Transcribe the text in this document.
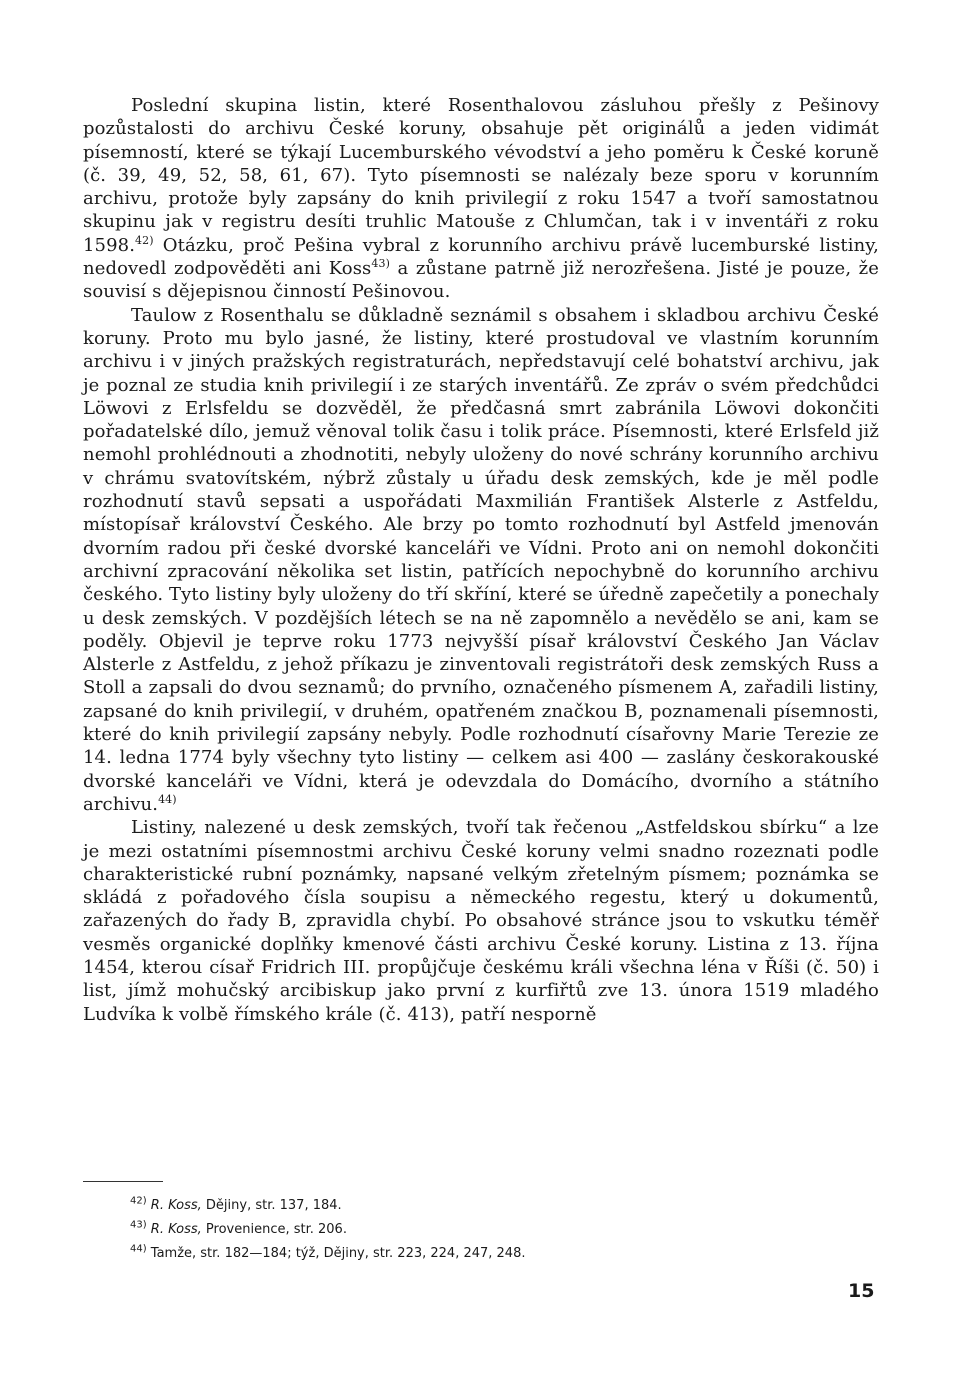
Poslední skupina listin, které Rosenthalovou zásluhou přešly z Pešinovy pozůstalosti do archivu České koruny, obsahuje pět originálů a jeden vidimát písemností, které se týkají Lucemburského vévodství a jeho poměru k České koruně (č. 39, 49, 52, 58, 61, 67). Tyto písemnosti se nalézaly beze sporu v korunním archivu, protože byly zapsány do knih privilegií z roku 1547 a tvoří samostatnou skupinu jak v registru desíti truhlic Matouše z Chlumčan, tak i v inventáři z roku 1598.$^{42)}$ Otázku, proč Pešina vybral z korunního archivu právě lucemburské listiny, nedovedl zodpověděti ani Koss$^{43)}$ a zůstane patrně již nerozřešena. Jisté je pouze, že souvisí s dějepisnou činností Pešinovou.

Taulow z Rosenthalu se důkladně seznámil s obsahem i skladbou archivu České koruny. Proto mu bylo jasné, že listiny, které prostudoval ve vlastním korunním archivu i v jiných pražských registraturách, nepředstavují celé bohatství archivu, jak je poznal ze studia knih privilegií i ze starých inventářů. Ze zpráv o svém předchůdci Löwovi z Erlsfeldu se dozvěděl, že předčasná smrt zabránila Löwovi dokončiti pořadatelské dílo, jemuž věnoval tolik času i tolik práce. Písemnosti, které Erlsfeld již nemohl prohlédnouti a zhodnotiti, nebyly uloženy do nové schrány korunního archivu v chrámu svatovítském, nýbrž zůstaly u úřadu desk zemských, kde je měl podle rozhodnutí stavů sepsati a uspořádati Maxmilián František Alsterle z Astfeldu, místopísař království Českého. Ale brzy po tomto rozhodnutí byl Astfeld jmenován dvorním radou při české dvorské kanceláři ve Vídni. Proto ani on nemohl dokončiti archivní zpracování několika set listin, patřících nepochybně do korunního archivu českého. Tyto listiny byly uloženy do tří skříní, které se úředně zapečetily a ponechaly u desk zemských. V pozdějších létech se na ně zapomnělo a nevědělo se ani, kam se poděly. Objevil je teprve roku 1773 nejvyšší písař království Českého Jan Václav Alsterle z Astfeldu, z jehož příkazu je zinventovali registrátoři desk zemských Russ a Stoll a zapsali do dvou seznamů; do prvního, označeného písmenem A, zařadili listiny, zapsané do knih privilegií, v druhém, opatřeném značkou B, poznamenali písemnosti, které do knih privilegií zapsány nebyly. Podle rozhodnutí císařovny Marie Terezie ze 14. ledna 1774 byly všechny tyto listiny — celkem asi 400 — zaslány českorakouské dvorské kanceláři ve Vídni, která je odevzdala do Domácího, dvorního a státního archivu.$^{44)}$

Listiny, nalezené u desk zemských, tvoří tak řečenou „Astfeldskou sbírku“ a lze je mezi ostatními písemnostmi archivu České koruny velmi snadno rozeznati podle charakteristické rubní poznámky, napsané velkým zřetelným písmem; poznámka se skládá z pořadového čísla soupisu a německého regestu, který u dokumentů, zařazených do řady B, zpravidla chybí. Po obsahové stránce jsou to vskutku téměř vesměs organické doplňky kmenové části archivu České koruny. Listina z 13. října 1454, kterou císař Fridrich III. propůjčuje českému králi všechna léna v Říši (č. 50) i list, jímž mohučský arcibiskup jako první z kurfiřtů zve 13. února 1519 mladého Ludvíka k volbě římského krále (č. 413), patří nesporně

$^{42)}$ R. Koss, Dějiny, str. 137, 184.

$^{43)}$ R. Koss, Provenience, str. 206.

$^{44)}$ Tamže, str. 182—184; týž, Dějiny, str. 223, 224, 247, 248.

15
